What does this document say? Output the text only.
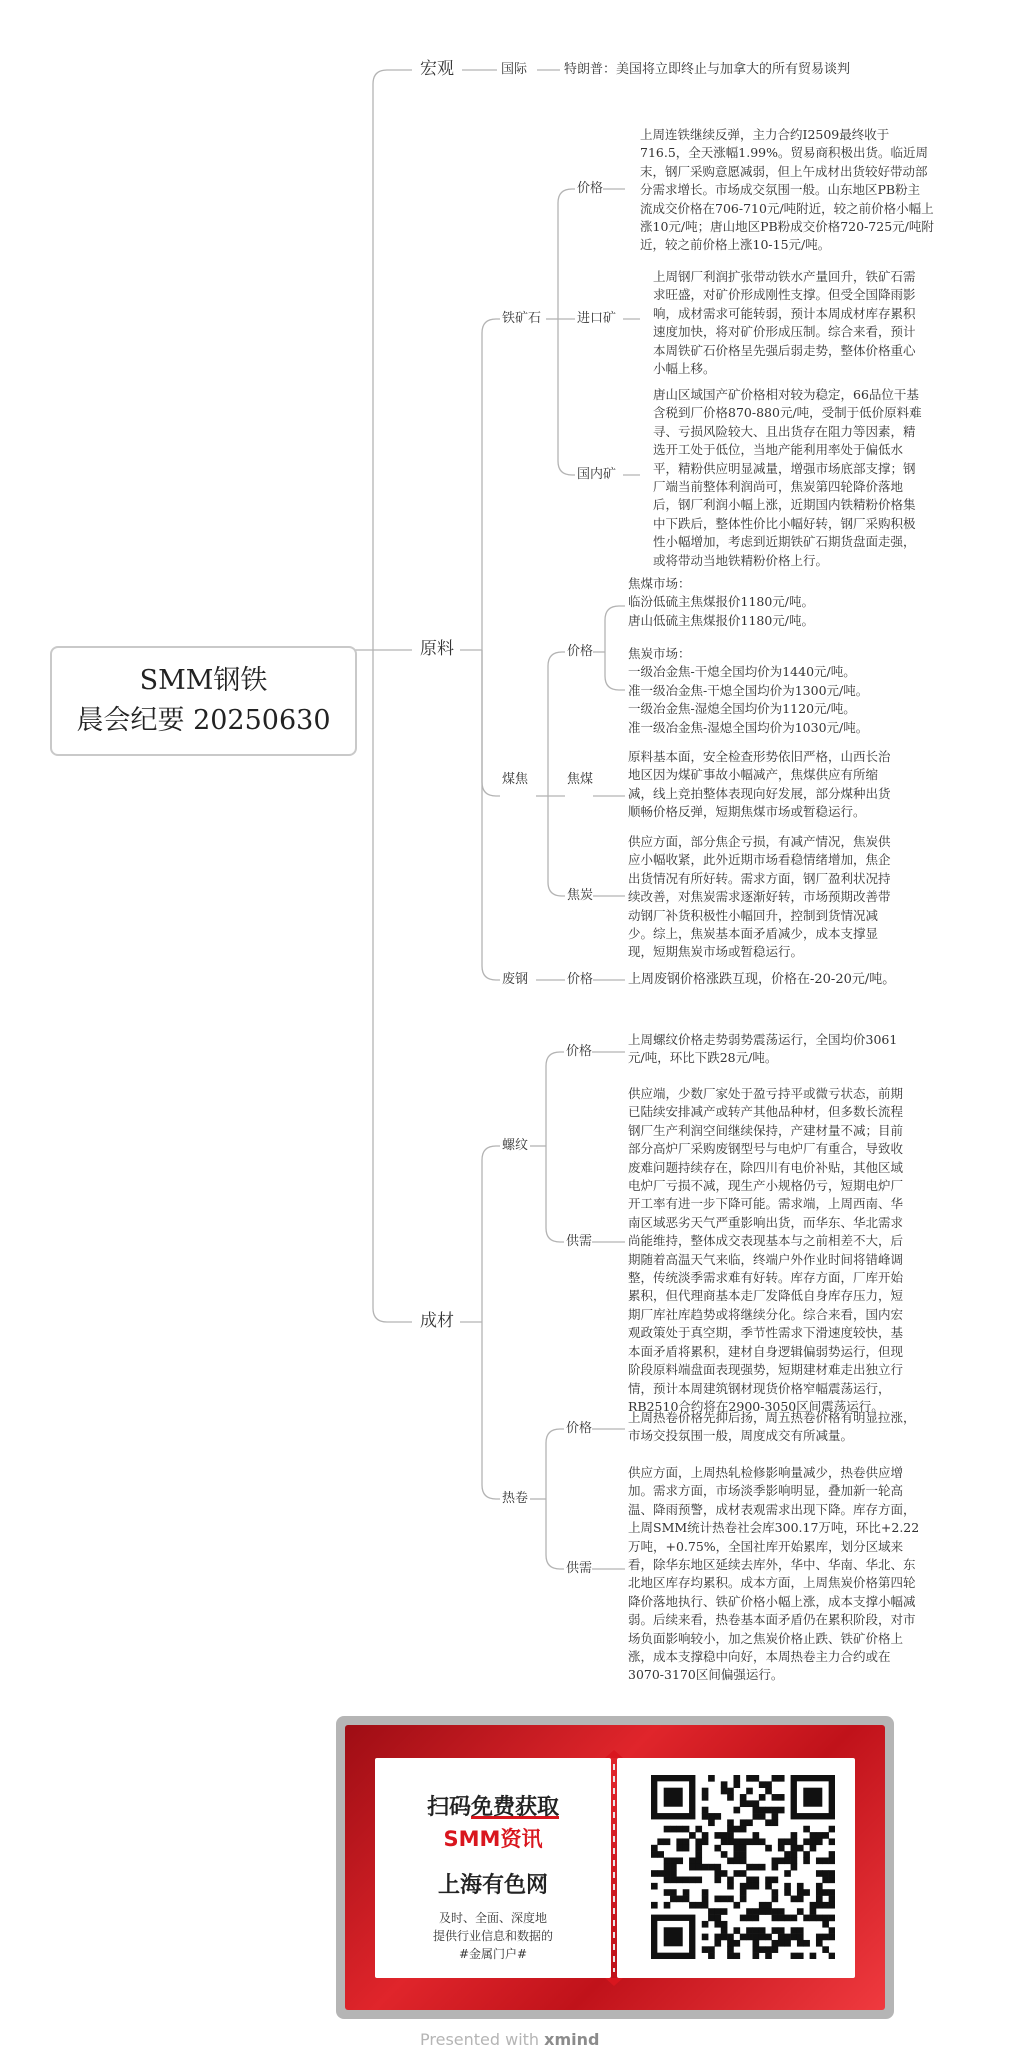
SMM钢铁
晨会纪要 20250630
宏观
原料
成材
国际	特朗普：美国将立即终止与加拿大的所有贸易谈判
铁矿石
价格
上周连铁继续反弹，主力合约I2509最终收于
716.5，全天涨幅1.99%。贸易商积极出货。临近周
末，钢厂采购意愿减弱，但上午成材出货较好带动部
分需求增长。市场成交氛围一般。山东地区PB粉主
流成交价格在706-710元/吨附近，较之前价格小幅上
涨10元/吨；唐山地区PB粉成交价格720-725元/吨附
近，较之前价格上涨10-15元/吨。
进口矿
上周钢厂利润扩张带动铁水产量回升，铁矿石需
求旺盛，对矿价形成刚性支撑。但受全国降雨影
响，成材需求可能转弱，预计本周成材库存累积
速度加快，将对矿价形成压制。综合来看，预计
本周铁矿石价格呈先强后弱走势，整体价格重心
小幅上移。
国内矿
唐山区域国产矿价格相对较为稳定，66品位干基
含税到厂价格870-880元/吨，受制于低价原料难
寻、亏损风险较大、且出货存在阻力等因素，精
选开工处于低位，当地产能利用率处于偏低水
平，精粉供应明显减量，增强市场底部支撑；钢
厂端当前整体利润尚可，焦炭第四轮降价落地
后，钢厂利润小幅上涨，近期国内铁精粉价格集
中下跌后，整体性价比小幅好转，钢厂采购积极
性小幅增加，考虑到近期铁矿石期货盘面走强，
或将带动当地铁精粉价格上行。
煤焦
价格
焦煤市场：
临汾低硫主焦煤报价1180元/吨。
唐山低硫主焦煤报价1180元/吨。
焦炭市场：
一级冶金焦-干熄全国均价为1440元/吨。
准一级冶金焦-干熄全国均价为1300元/吨。
一级冶金焦-湿熄全国均价为1120元/吨。
准一级冶金焦-湿熄全国均价为1030元/吨。
焦煤
原料基本面，安全检查形势依旧严格，山西长治
地区因为煤矿事故小幅减产，焦煤供应有所缩
减，线上竞拍整体表现向好发展，部分煤种出货
顺畅价格反弹，短期焦煤市场或暂稳运行。
焦炭
供应方面，部分焦企亏损，有减产情况，焦炭供
应小幅收紧，此外近期市场看稳情绪增加，焦企
出货情况有所好转。需求方面，钢厂盈利状况持
续改善，对焦炭需求逐渐好转，市场预期改善带
动钢厂补货积极性小幅回升，控制到货情况减
少。综上，焦炭基本面矛盾减少，成本支撑显
现，短期焦炭市场或暂稳运行。
废钢	价格	上周废钢价格涨跌互现，价格在-20-20元/吨。
螺纹
价格
上周螺纹价格走势弱势震荡运行，全国均价3061
元/吨，环比下跌28元/吨。
供需
供应端，少数厂家处于盈亏持平或微亏状态，前期
已陆续安排减产或转产其他品种材，但多数长流程
钢厂生产利润空间继续保持，产建材量不减；目前
部分高炉厂采购废钢型号与电炉厂有重合，导致收
废难问题持续存在，除四川有电价补贴，其他区域
电炉厂亏损不减，现生产小规格仍亏，短期电炉厂
开工率有进一步下降可能。需求端，上周西南、华
南区域恶劣天气严重影响出货，而华东、华北需求
尚能维持，整体成交表现基本与之前相差不大，后
期随着高温天气来临，终端户外作业时间将错峰调
整，传统淡季需求难有好转。库存方面，厂库开始
累积，但代理商基本走厂发降低自身库存压力，短
期厂库社库趋势或将继续分化。综合来看，国内宏
观政策处于真空期，季节性需求下滑速度较快，基
本面矛盾将累积，建材自身逻辑偏弱势运行，但现
阶段原料端盘面表现强势，短期建材难走出独立行
情，预计本周建筑钢材现货价格窄幅震荡运行，
RB2510合约将在2900-3050区间震荡运行。
热卷
价格
上周热卷价格先抑后扬，周五热卷价格有明显拉涨，
市场交投氛围一般，周度成交有所减量。
供需
供应方面，上周热轧检修影响量减少，热卷供应增
加。需求方面，市场淡季影响明显，叠加新一轮高
温、降雨预警，成材表观需求出现下降。库存方面，
上周SMM统计热卷社会库300.17万吨，环比+2.22
万吨，+0.75%，全国社库开始累库，划分区域来
看，除华东地区延续去库外，华中、华南、华北、东
北地区库存均累积。成本方面，上周焦炭价格第四轮
降价落地执行、铁矿价格小幅上涨，成本支撑小幅减
弱。后续来看，热卷基本面矛盾仍在累积阶段，对市
场负面影响较小，加之焦炭价格止跌、铁矿价格上
涨，成本支撑稳中向好，本周热卷主力合约或在
3070-3170区间偏强运行。
扫码免费获取
SMM资讯
上海有色网
及时、全面、深度地
提供行业信息和数据的
#金属门户#
Presented with xmind
